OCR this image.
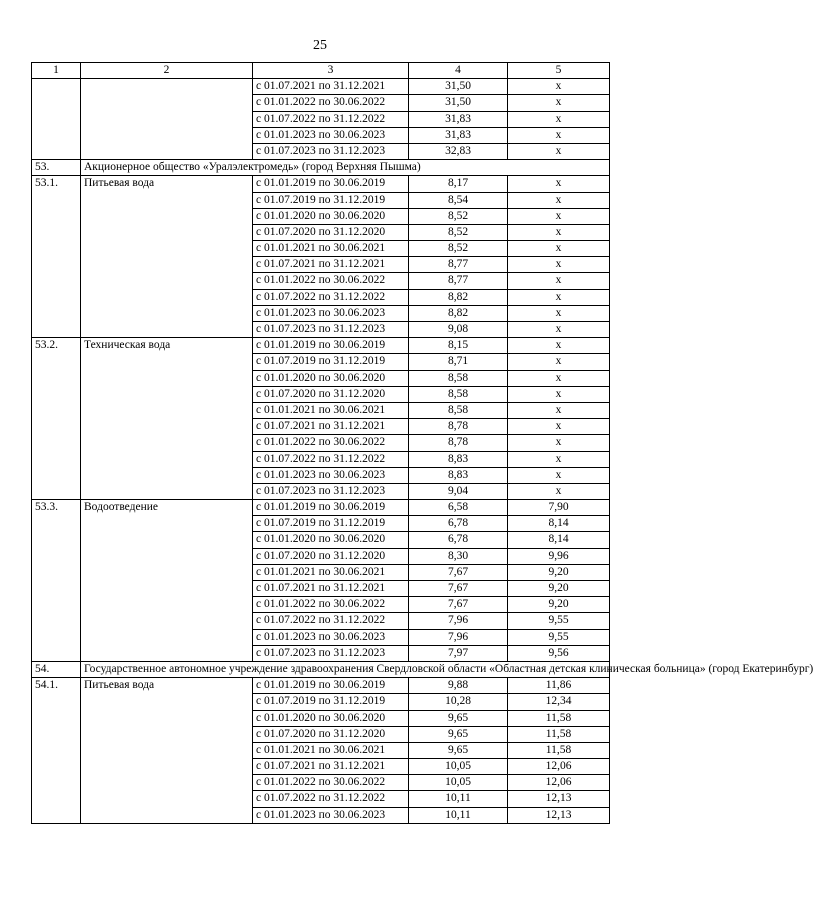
25
1	2	3	4	5
		с 01.07.2021 по 31.12.2021	31,50	х
		с 01.01.2022 по 30.06.2022	31,50	х
		с 01.07.2022 по 31.12.2022	31,83	х
		с 01.01.2023 по 30.06.2023	31,83	х
		с 01.07.2023 по 31.12.2023	32,83	х
53.	Акционерное общество «Уралэлектромедь» (город Верхняя Пышма)			
53.1.	Питьевая вода	с 01.01.2019 по 30.06.2019	8,17	х
		с 01.07.2019 по 31.12.2019	8,54	х
		с 01.01.2020 по 30.06.2020	8,52	х
		с 01.07.2020 по 31.12.2020	8,52	х
		с 01.01.2021 по 30.06.2021	8,52	х
		с 01.07.2021 по 31.12.2021	8,77	х
		с 01.01.2022 по 30.06.2022	8,77	х
		с 01.07.2022 по 31.12.2022	8,82	х
		с 01.01.2023 по 30.06.2023	8,82	х
		с 01.07.2023 по 31.12.2023	9,08	х
53.2.	Техническая вода	с 01.01.2019 по 30.06.2019	8,15	х
		с 01.07.2019 по 31.12.2019	8,71	х
		с 01.01.2020 по 30.06.2020	8,58	х
		с 01.07.2020 по 31.12.2020	8,58	х
		с 01.01.2021 по 30.06.2021	8,58	х
		с 01.07.2021 по 31.12.2021	8,78	х
		с 01.01.2022 по 30.06.2022	8,78	х
		с 01.07.2022 по 31.12.2022	8,83	х
		с 01.01.2023 по 30.06.2023	8,83	х
		с 01.07.2023 по 31.12.2023	9,04	х
53.3.	Водоотведение	с 01.01.2019 по 30.06.2019	6,58	7,90
		с 01.07.2019 по 31.12.2019	6,78	8,14
		с 01.01.2020 по 30.06.2020	6,78	8,14
		с 01.07.2020 по 31.12.2020	8,30	9,96
		с 01.01.2021 по 30.06.2021	7,67	9,20
		с 01.07.2021 по 31.12.2021	7,67	9,20
		с 01.01.2022 по 30.06.2022	7,67	9,20
		с 01.07.2022 по 31.12.2022	7,96	9,55
		с 01.01.2023 по 30.06.2023	7,96	9,55
		с 01.07.2023 по 31.12.2023	7,97	9,56
54.	Государственное автономное учреждение здравоохранения Свердловской области «Областная детская клиническая больница» (город Екатеринбург)			
54.1.	Питьевая вода	с 01.01.2019 по 30.06.2019	9,88	11,86
		с 01.07.2019 по 31.12.2019	10,28	12,34
		с 01.01.2020 по 30.06.2020	9,65	11,58
		с 01.07.2020 по 31.12.2020	9,65	11,58
		с 01.01.2021 по 30.06.2021	9,65	11,58
		с 01.07.2021 по 31.12.2021	10,05	12,06
		с 01.01.2022 по 30.06.2022	10,05	12,06
		с 01.07.2022 по 31.12.2022	10,11	12,13
		с 01.01.2023 по 30.06.2023	10,11	12,13
